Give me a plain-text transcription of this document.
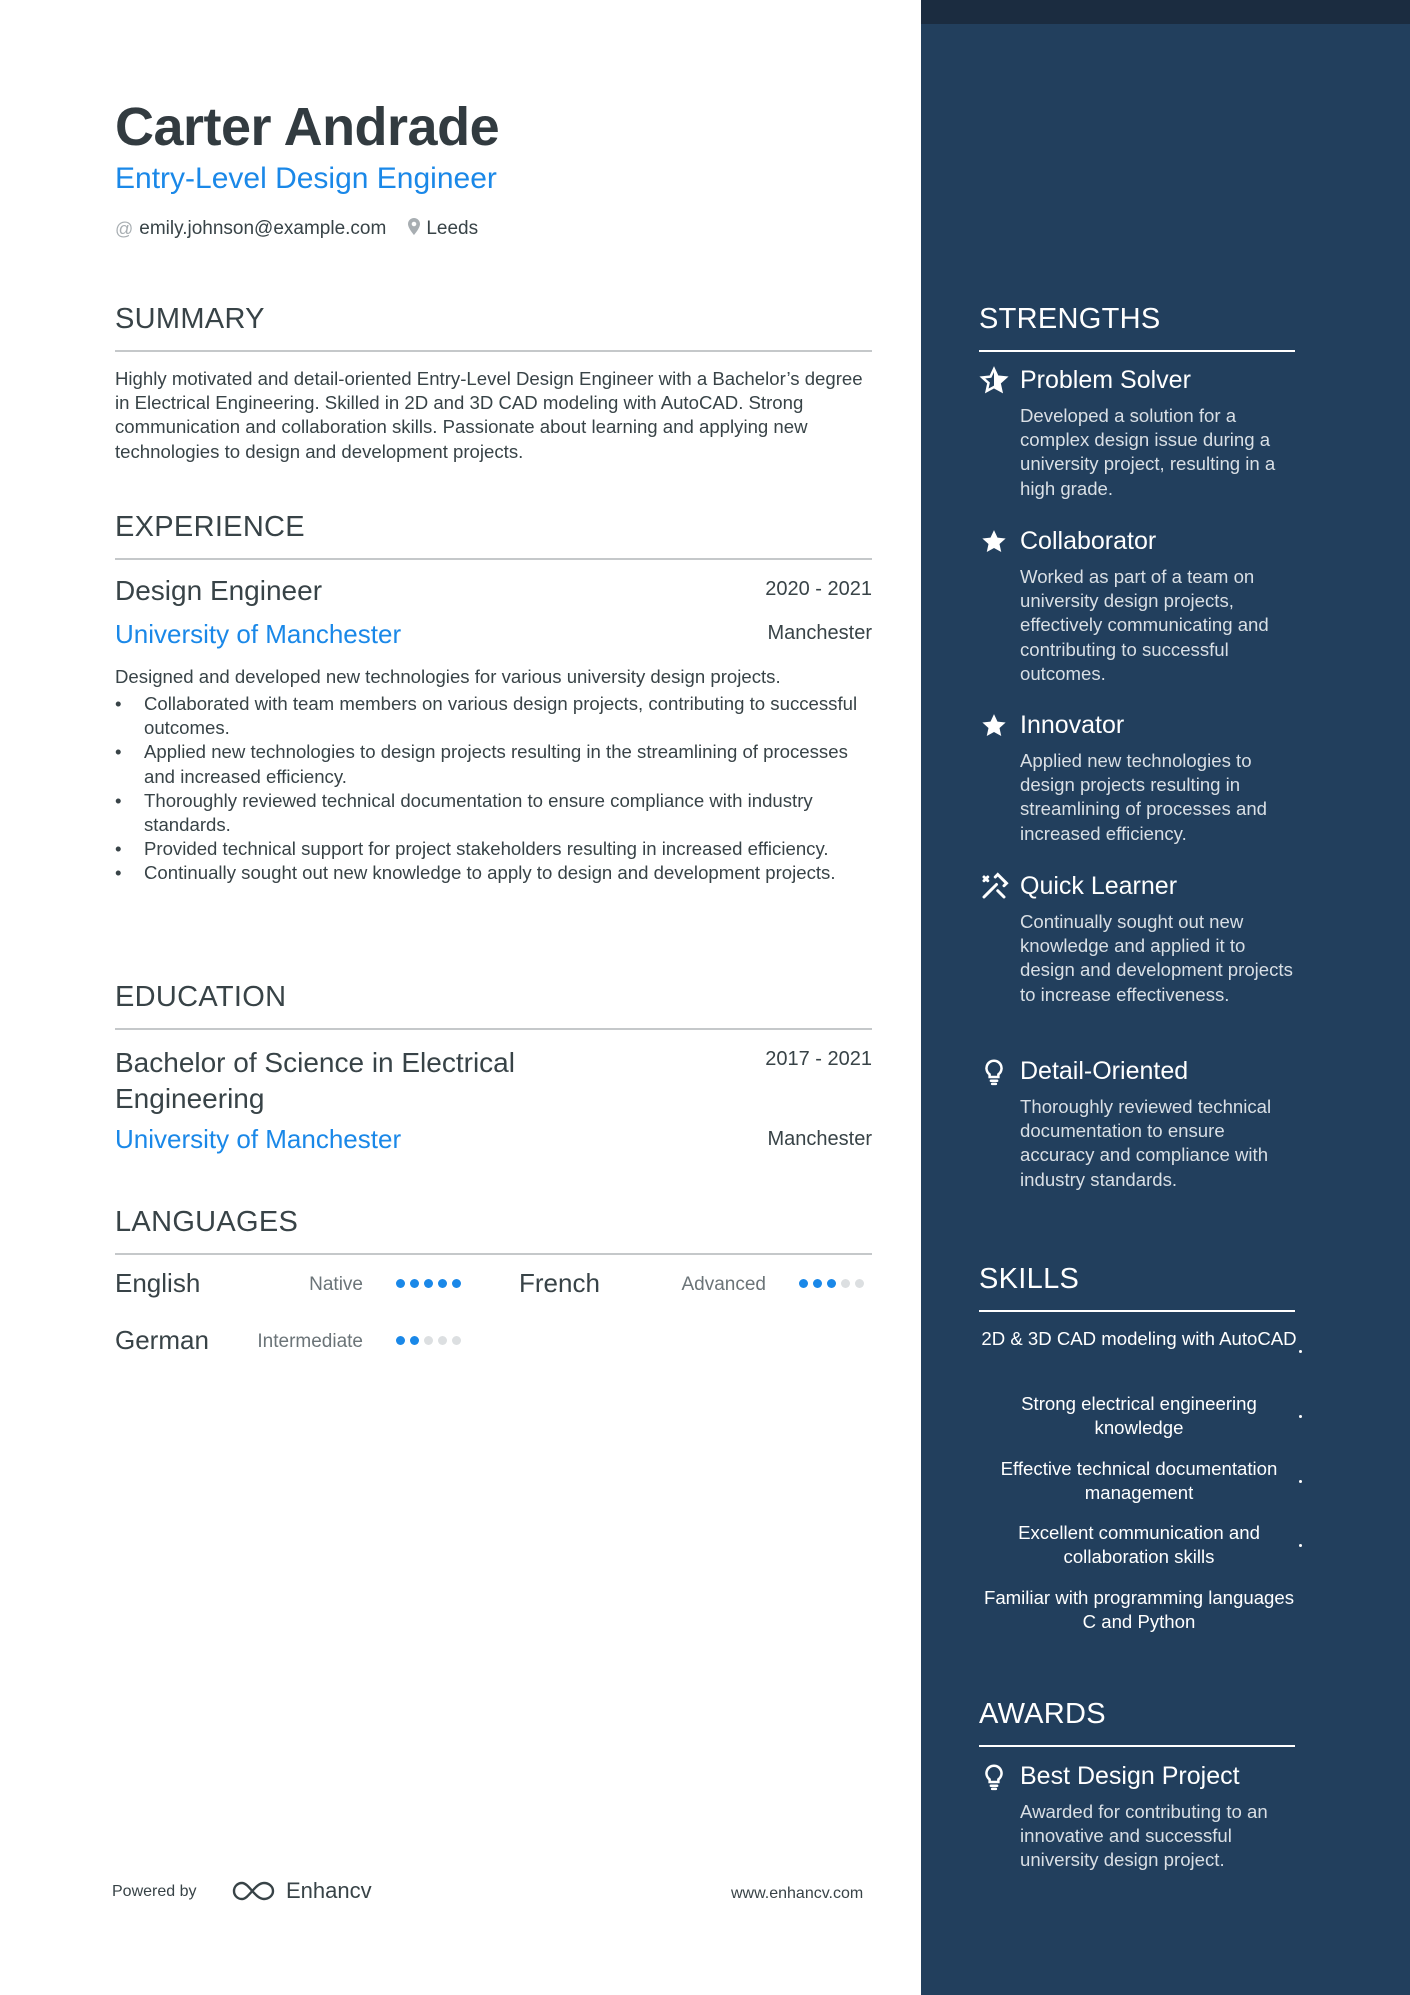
Carter Andrade
Entry-Level Design Engineer
@ emily.johnson@example.com Leeds
SUMMARY

Highly motivated and detail-oriented Entry-Level Design Engineer with a Bachelor’s degree in Electrical Engineering. Skilled in 2D and 3D CAD modeling with AutoCAD. Strong communication and collaboration skills. Passionate about learning and applying new technologies to design and development projects.

EXPERIENCE
Design Engineer	2020 - 2021
University of Manchester	Manchester

Designed and developed new technologies for various university design projects.

• Collaborated with team members on various design projects, contributing to successful outcomes.
• Applied new technologies to design projects resulting in the streamlining of processes and increased efficiency.
• Thoroughly reviewed technical documentation to ensure compliance with industry standards.
• Provided technical support for project stakeholders resulting in increased efficiency.
• Continually sought out new knowledge to apply to design and development projects.
EDUCATION
Bachelor of Science in Electrical Engineering
2017 - 2021
University of Manchester	Manchester
LANGUAGES
English	Native	French	Advanced
German	Intermediate
Powered by	Enhancv	www.enhancv.com
STRENGTHS
Problem Solver

Developed a solution for a complex design issue during a university project, resulting in a high grade.

Collaborator

Worked as part of a team on university design projects, effectively communicating and contributing to successful outcomes.

Innovator

Applied new technologies to design projects resulting in streamlining of processes and increased efficiency.

Quick Learner

Continually sought out new knowledge and applied it to design and development projects to increase effectiveness.

Detail-Oriented

Thoroughly reviewed technical documentation to ensure accuracy and compliance with industry standards.

SKILLS
2D & 3D CAD modeling with AutoCAD
Strong electrical engineering knowledge
Effective technical documentation management
Excellent communication and collaboration skills
Familiar with programming languages C and Python
AWARDS
Best Design Project

Awarded for contributing to an innovative and successful university design project.
